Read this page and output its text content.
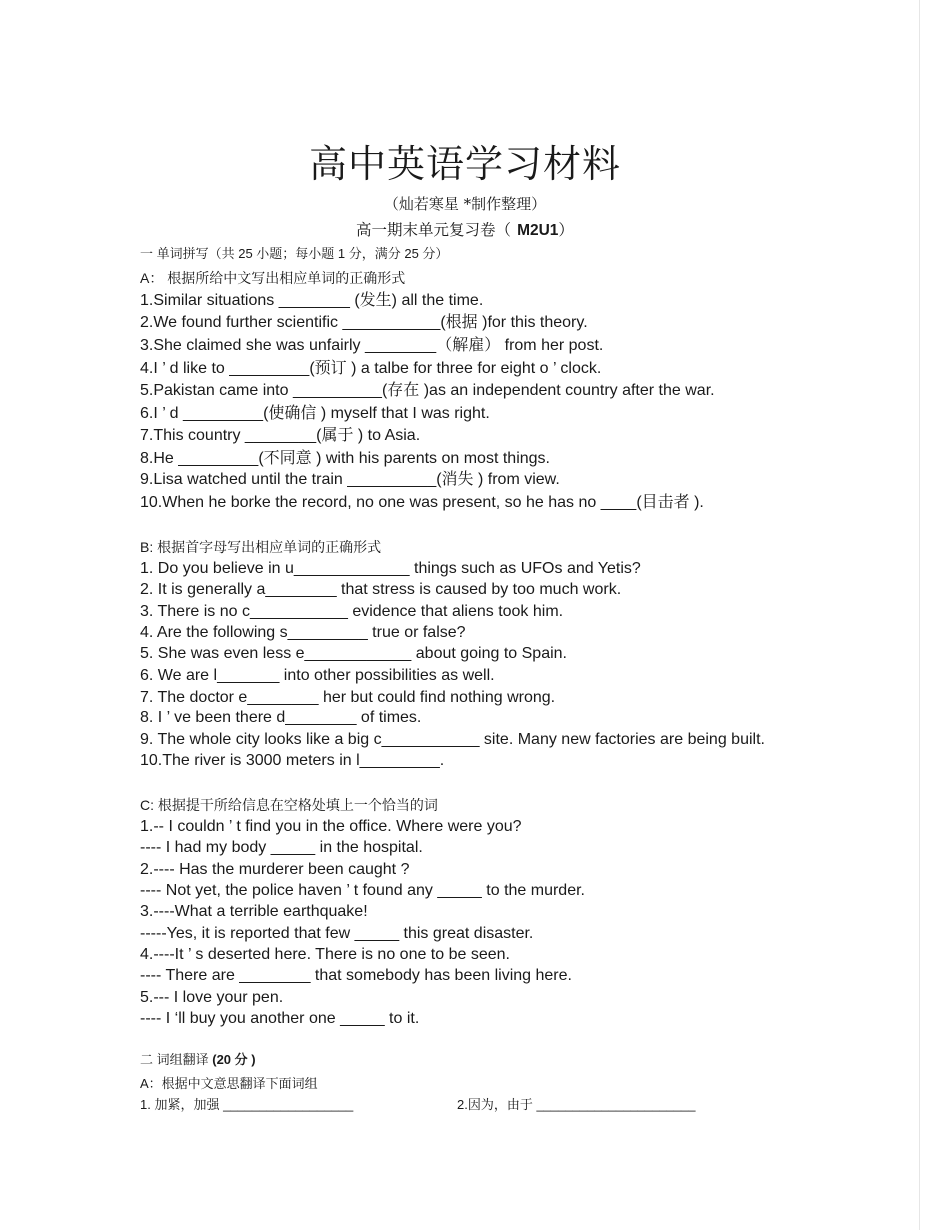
高中英语学习材料
（灿若寒星 *制作整理）
高一期末单元复习卷（ M2U1）
一 单词拼写（共 25 小题；每小题 1 分，满分 25 分）
A： 根据所给中文写出相应单词的正确形式
1.Similar situations ________ (发生) all the time.
2.We found further scientific ___________(根据 )for this theory.
3.She claimed she was unfairly ________（解雇） from her post.
4.I ’ d like to _________(预订 ) a talbe for three for eight o ’ clock.
5.Pakistan came into __________(存在 )as an independent country after the war.
6.I ’ d _________(使确信 ) myself that I was right.
7.This country ________(属于 ) to Asia.
8.He _________(不同意 ) with his parents on most things.
9.Lisa watched until the train __________(消失 ) from view.
10.When he borke the record, no one was present, so he has no ____(目击者 ).
B: 根据首字母写出相应单词的正确形式
1. Do you believe in u_____________ things such as UFOs and Yetis?
2. It is generally a________ that stress is caused by too much work.
3. There is no c___________ evidence that aliens took him.
4. Are the following s_________ true or false?
5. She was even less e____________ about going to Spain.
6. We are l_______ into other possibilities as well.
7. The doctor e________ her but could find nothing wrong.
8. I ’ ve been there d________ of times.
9. The whole city looks like a big c___________ site. Many new factories are being built.
10.The river is 3000 meters in l_________.
C: 根据提干所给信息在空格处填上一个恰当的词
1.-- I couldn ’ t find you in the office. Where were you?
---- I had my body _____ in the hospital.
2.---- Has the murderer been caught ?
---- Not yet, the police haven ’ t found any _____ to the murder.
3.----What a terrible earthquake!
-----Yes, it is reported that few _____ this great disaster.
4.----It ’ s deserted here. There is no one to be seen.
---- There are ________ that somebody has been living here.
5.--- I love your pen.
---- I ‘ll buy you another one _____ to it.
二 词组翻译 (20 分 )
A：根据中文意思翻译下面词组
1. 加紧，加强 __________________	2.因为，由于 ______________________
